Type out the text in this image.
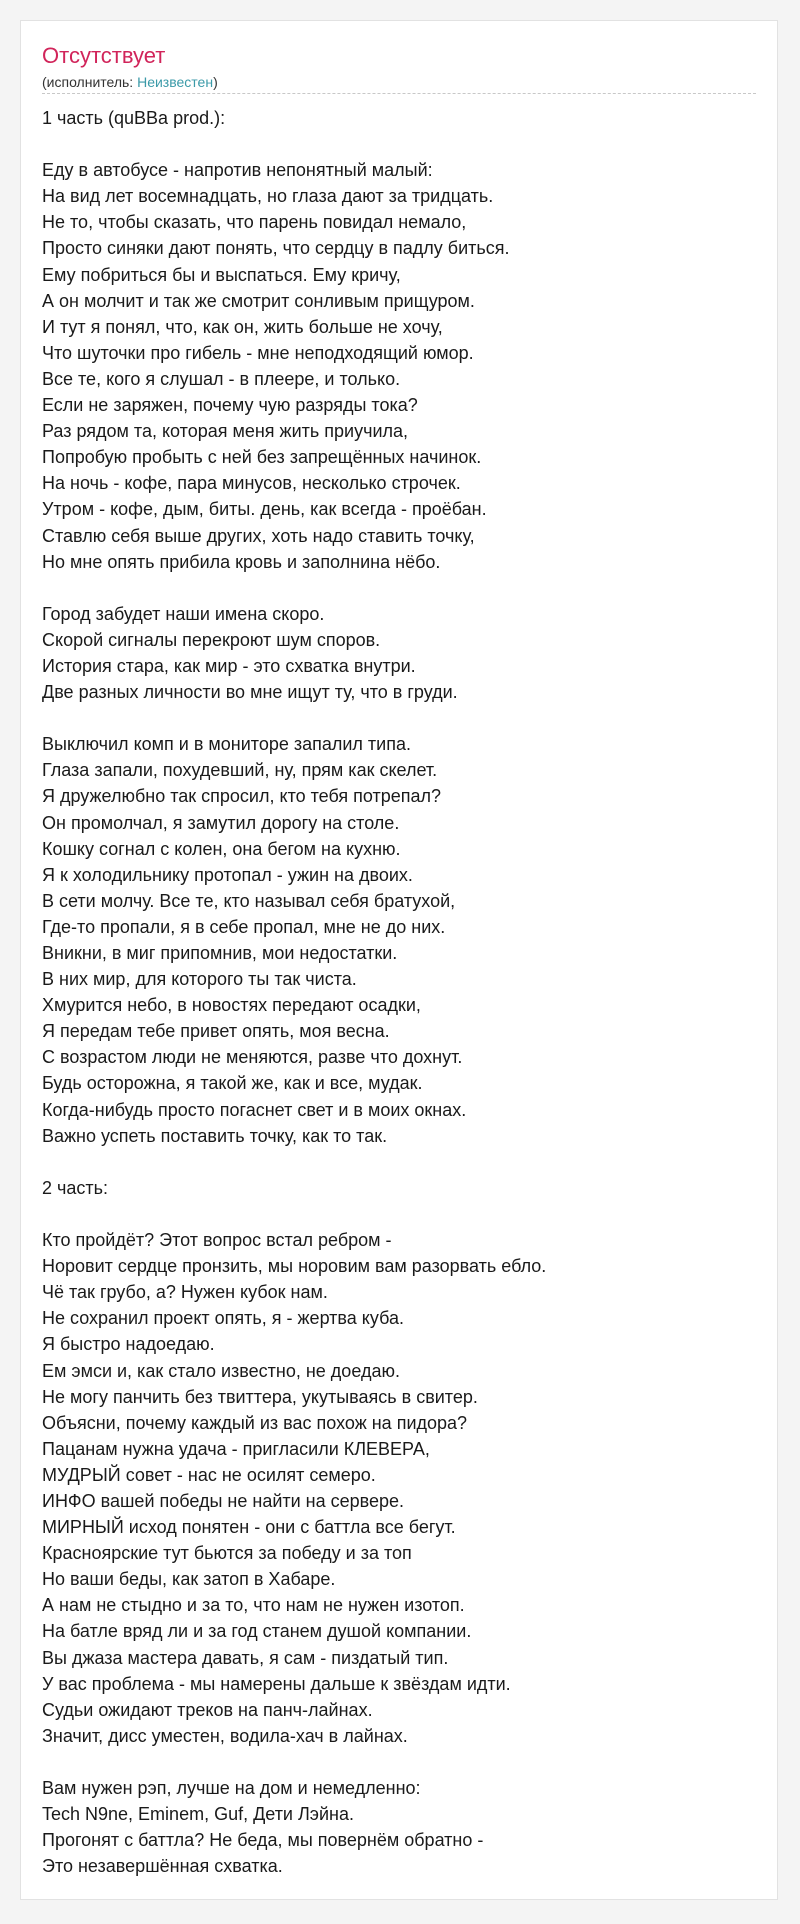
Отсутствует
(исполнитель: Неизвестен)
1 часть (quBBa prod.):
Еду в автобусе - напротив непонятный малый:
На вид лет восемнадцать, но глаза дают за тридцать.
Не то, чтобы сказать, что парень повидал немало,
Просто синяки дают понять, что сердцу в падлу биться.
Ему побриться бы и выспаться. Ему кричу,
А он молчит и так же смотрит сонливым прищуром.
И тут я понял, что, как он, жить больше не хочу,
Что шуточки про гибель - мне неподходящий юмор.
Все те, кого я слушал - в плеере, и только.
Если не заряжен, почему чую разряды тока?
Раз рядом та, которая меня жить приучила,
Попробую пробыть с ней без запрещённых начинок.
На ночь - кофе, пара минусов, несколько строчек.
Утром - кофе, дым, биты. день, как всегда - проёбан.
Ставлю себя выше других, хоть надо ставить точку,
Но мне опять прибила кровь и заполнина нёбо.
Город забудет наши имена скоро.
Скорой сигналы перекроют шум споров.
История стара, как мир - это схватка внутри.
Две разных личности во мне ищут ту, что в груди.
Выключил комп и в мониторе запалил типа.
Глаза запали, похудевший, ну, прям как скелет.
Я дружелюбно так спросил, кто тебя потрепал?
Он промолчал, я замутил дорогу на столе.
Кошку согнал с колен, она бегом на кухню.
Я к холодильнику протопал - ужин на двоих.
В сети молчу. Все те, кто называл себя братухой,
Где-то пропали, я в себе пропал, мне не до них.
Вникни, в миг припомнив, мои недостатки.
В них мир, для которого ты так чиста.
Хмурится небо, в новостях передают осадки,
Я передам тебе привет опять, моя весна.
С возрастом люди не меняются, разве что дохнут.
Будь осторожна, я такой же, как и все, мудак.
Когда-нибудь просто погаснет свет и в моих окнах.
Важно успеть поставить точку, как то так.
2 часть:
Кто пройдёт? Этот вопрос встал ребром -
Норовит сердце пронзить, мы норовим вам разорвать ебло.
Чё так грубо, а? Нужен кубок нам.
Не сохранил проект опять, я - жертва куба.
Я быстро надоедаю.
Ем эмси и, как стало известно, не доедаю.
Не могу панчить без твиттера, укутываясь в свитер.
Объясни, почему каждый из вас похож на пидора?
Пацанам нужна удача - пригласили КЛЕВЕРА,
МУДРЫЙ совет - нас не осилят семеро.
ИНФО вашей победы не найти на сервере.
МИРНЫЙ исход понятен - они с баттла все бегут.
Красноярские тут бьются за победу и за топ
Но ваши беды, как затоп в Хабаре.
А нам не стыдно и за то, что нам не нужен изотоп.
На батле вряд ли и за год станем душой компании.
Вы джаза мастера давать, я сам - пиздатый тип.
У вас проблема - мы намерены дальше к звёздам идти.
Судьи ожидают треков на панч-лайнах.
Значит, дисс уместен, водила-хач в лайнах.
Вам нужен рэп, лучше на дом и немедленно:
Tech N9ne, Eminem, Guf, Дети Лэйна.
Прогонят с баттла? Не беда, мы повернём обратно -
Это незавершённая схватка.
